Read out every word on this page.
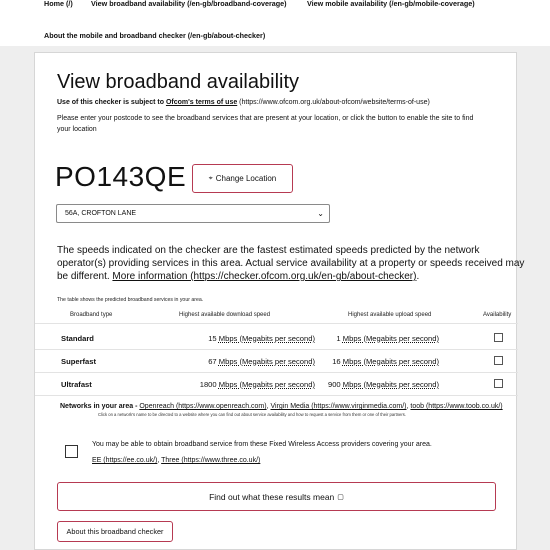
Home (/)	View broadband availability (/en-gb/broadband-coverage)	View mobile availability (/en-gb/mobile-coverage)
About the mobile and broadband checker (/en-gb/about-checker)
View broadband availability
Use of this checker is subject to Ofcom's terms of use (https://www.ofcom.org.uk/about-ofcom/website/terms-of-use)
Please enter your postcode to see the broadband services that are present at your location, or click the button to enable the site to find
your location
PO143QE	⌖ Change Location
56A, CROFTON LANE	⌄
The speeds indicated on the checker are the fastest estimated speeds predicted by the network
operator(s) providing services in this area. Actual service availability at a property or speeds received may
be different. More information (https://checker.ofcom.org.uk/en-gb/about-checker).
The table shows the predicted broadband services in your area.
Broadband type	Highest available download speed	Highest available upload speed	Availability
Standard	15 Mbps (Megabits per second)	1 Mbps (Megabits per second)
Superfast	67 Mbps (Megabits per second) 16 Mbps (Megabits per second)
Ultrafast	1800 Mbps (Megabits per second) 900 Mbps (Megabits per second)
Networks in your area - Openreach (https://www.openreach.com), Virgin Media (https://www.virginmedia.com/), toob (https://www.toob.co.uk/)
Click on a network's name to be directed to a website where you can find out about service availability and how to request a service from them or one of their partners.
You may be able to obtain broadband service from these Fixed Wireless Access providers covering your area.
EE (https://ee.co.uk/), Three (https://www.three.co.uk/)
Find out what these results mean ▢
About this broadband checker
